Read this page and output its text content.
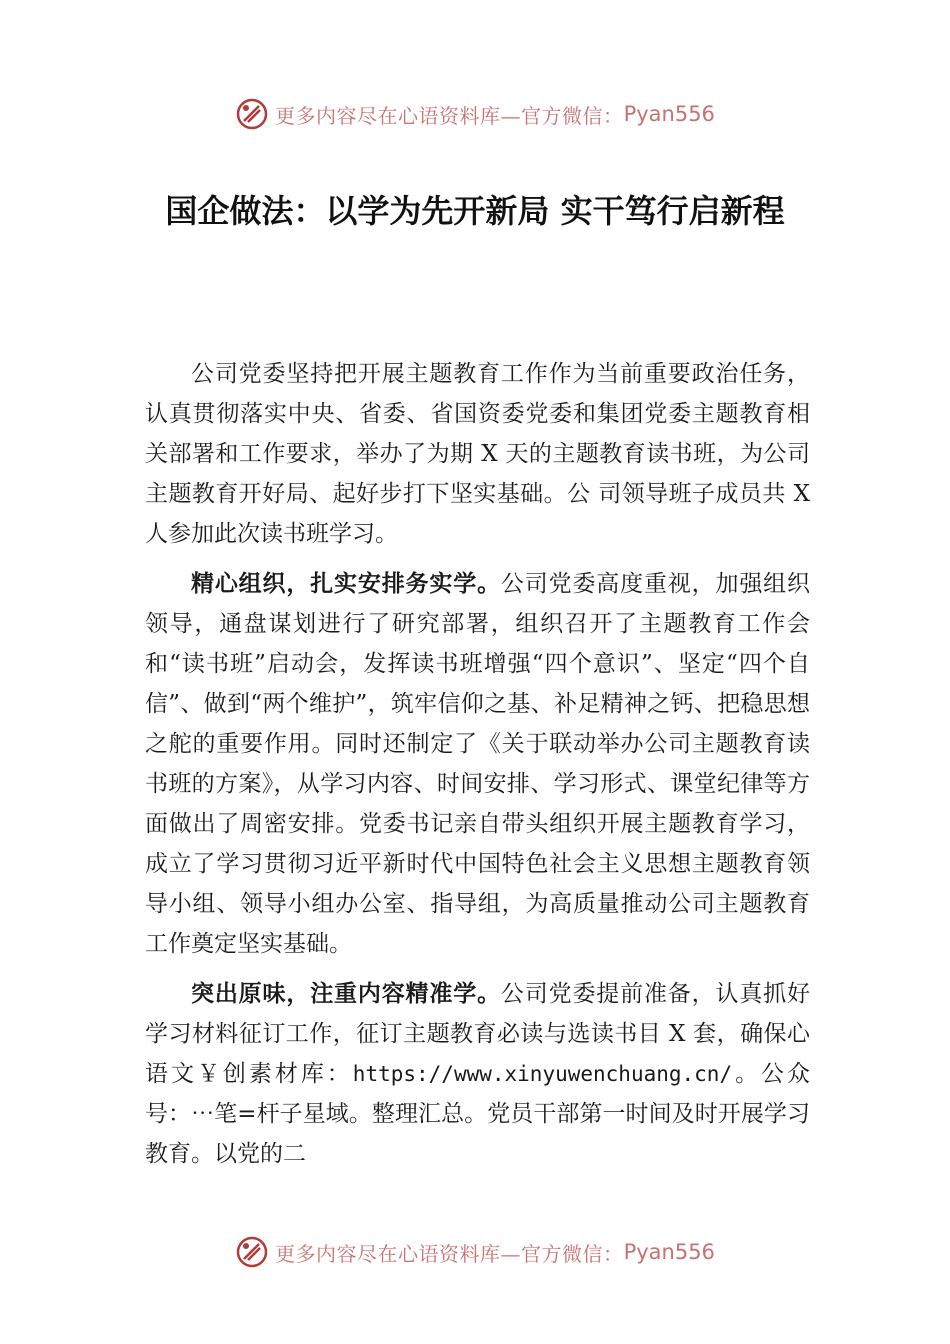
更多内容尽在心语资料库—官方微信： Pyan556
国企做法：以学为先开新局 实干笃行启新程

公司党委坚持把开展主题教育工作作为当前重要政治任务，认真贯彻落实中央、省委、省国资委党委和集团党委主题教育相关部署和工作要求，举办了为期 X 天的主题教育读书班，为公司主题教育开好局、起好步打下坚实基础。公 司领导班子成员共 X 人参加此次读书班学习。

精心组织，扎实安排务实学。公司党委高度重视，加强组织领导，通盘谋划进行了研究部署，组织召开了主题教育工作会和“读书班”启动会，发挥读书班增强“四个意识”、坚定“四个自信”、做到“两个维护”，筑牢信仰之基、补足精神之钙、把稳思想之舵的重要作用。同时还制定了《关于联动举办公司主题教育读书班的方案》，从学习内容、时间安排、学习形式、课堂纪律等方面做出了周密安排。党委书记亲自带头组织开展主题教育学习，成立了学习贯彻习近平新时代中国特色社会主义思想主题教育领导小组、领导小组办公室、指导组，为高质量推动公司主题教育工作奠定坚实基础。

突出原味，注重内容精准学。公司党委提前准备，认真抓好学习材料征订工作，征订主题教育必读与选读书目 X 套，确保心语文￥创素材库：https://www.xinyuwenchuang.cn/。公众号：⋯笔=杆子星域。整理汇总。党员干部第一时间及时开展学习教育。以党的二

更多内容尽在心语资料库—官方微信： Pyan556
